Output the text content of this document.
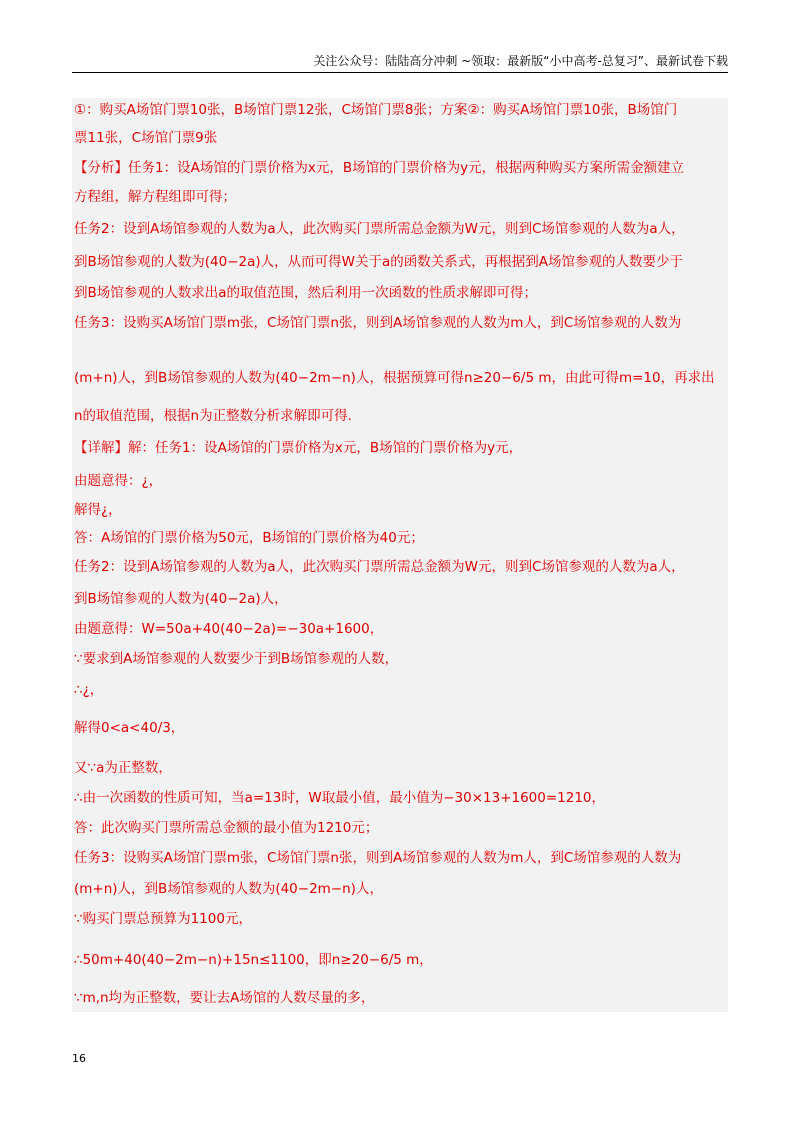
关注公众号：陆陆高分冲刺 ~领取：最新版“小中高考-总复习”、最新试卷下载
①：购买A场馆门票10张，B场馆门票12张，C场馆门票8张；方案②：购买A场馆门票10张，B场馆门
票11张，C场馆门票9张
【分析】任务1：设A场馆的门票价格为x元，B场馆的门票价格为y元，根据两种购买方案所需金额建立
方程组，解方程组即可得；
任务2：设到A场馆参观的人数为a人，此次购买门票所需总金额为W元，则到C场馆参观的人数为a人，
到B场馆参观的人数为(40−2a)人，从而可得W关于a的函数关系式，再根据到A场馆参观的人数要少于
到B场馆参观的人数求出a的取值范围，然后利用一次函数的性质求解即可得；
任务3：设购买A场馆门票m张，C场馆门票n张，则到A场馆参观的人数为m人，到C场馆参观的人数为
(m+n)人，到B场馆参观的人数为(40−2m−n)人，根据预算可得n≥20−6/5 m，由此可得m=10，再求出
n的取值范围，根据n为正整数分析求解即可得.
【详解】解：任务1：设A场馆的门票价格为x元，B场馆的门票价格为y元，
由题意得：¿，
解得¿，
答：A场馆的门票价格为50元，B场馆的门票价格为40元；
任务2：设到A场馆参观的人数为a人，此次购买门票所需总金额为W元，则到C场馆参观的人数为a人，
到B场馆参观的人数为(40−2a)人，
由题意得：W=50a+40(40−2a)=−30a+1600，
∵要求到A场馆参观的人数要少于到B场馆参观的人数，
∴¿，
解得0<a<40/3，
又∵a为正整数，
∴由一次函数的性质可知，当a=13时，W取最小值，最小值为−30×13+1600=1210，
答：此次购买门票所需总金额的最小值为1210元；
任务3：设购买A场馆门票m张，C场馆门票n张，则到A场馆参观的人数为m人，到C场馆参观的人数为
(m+n)人，到B场馆参观的人数为(40−2m−n)人，
∵购买门票总预算为1100元，
∴50m+40(40−2m−n)+15n≤1100，即n≥20−6/5 m，
∵m,n均为正整数，要让去A场馆的人数尽量的多，
16
